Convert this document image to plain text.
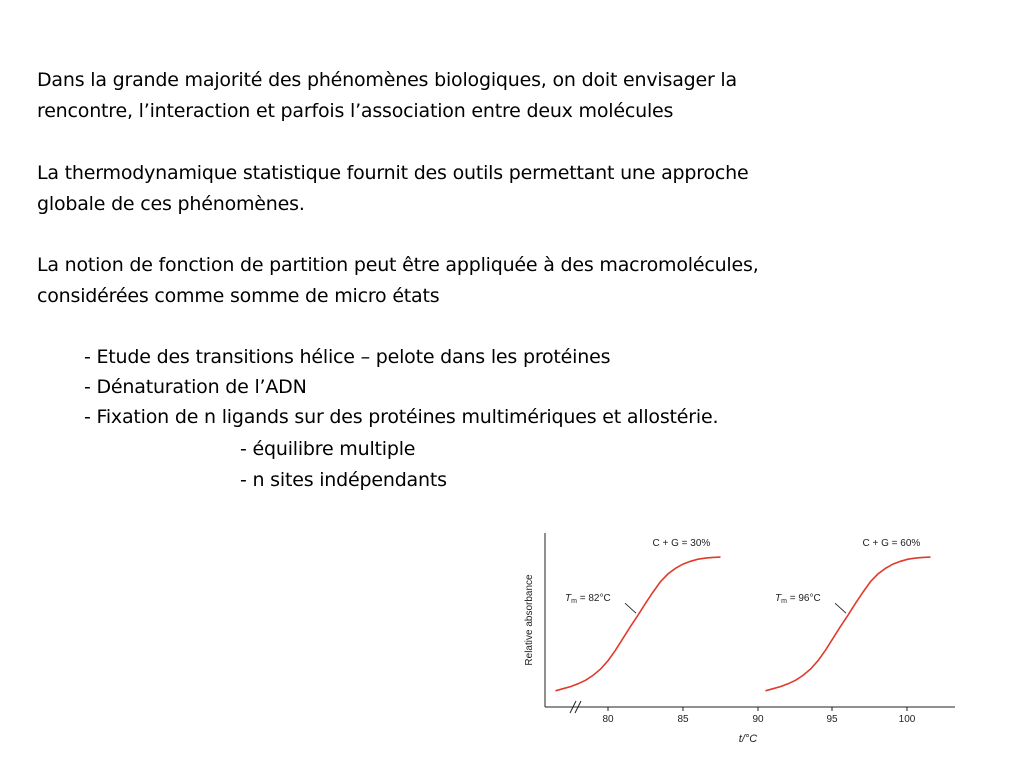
Dans la grande majorité des phénomènes biologiques, on doit envisager la
rencontre, l’interaction et parfois l’association entre deux molécules
La thermodynamique statistique fournit des outils permettant une approche
globale de ces phénomènes.
La notion de fonction de partition peut être appliquée à des macromolécules,
considérées comme somme de micro états
- Etude des transitions hélice – pelote dans les protéines
- Dénaturation de l’ADN
- Fixation de n ligands sur des protéines multimériques et allostérie.
- équilibre multiple
- n sites indépendants
80	85	90	95	100
C + G = 30%
$T_m = 82^\circ C$
C + G = 60%
$T_m = 96^\circ C$
Relative absorbance
t/°C
